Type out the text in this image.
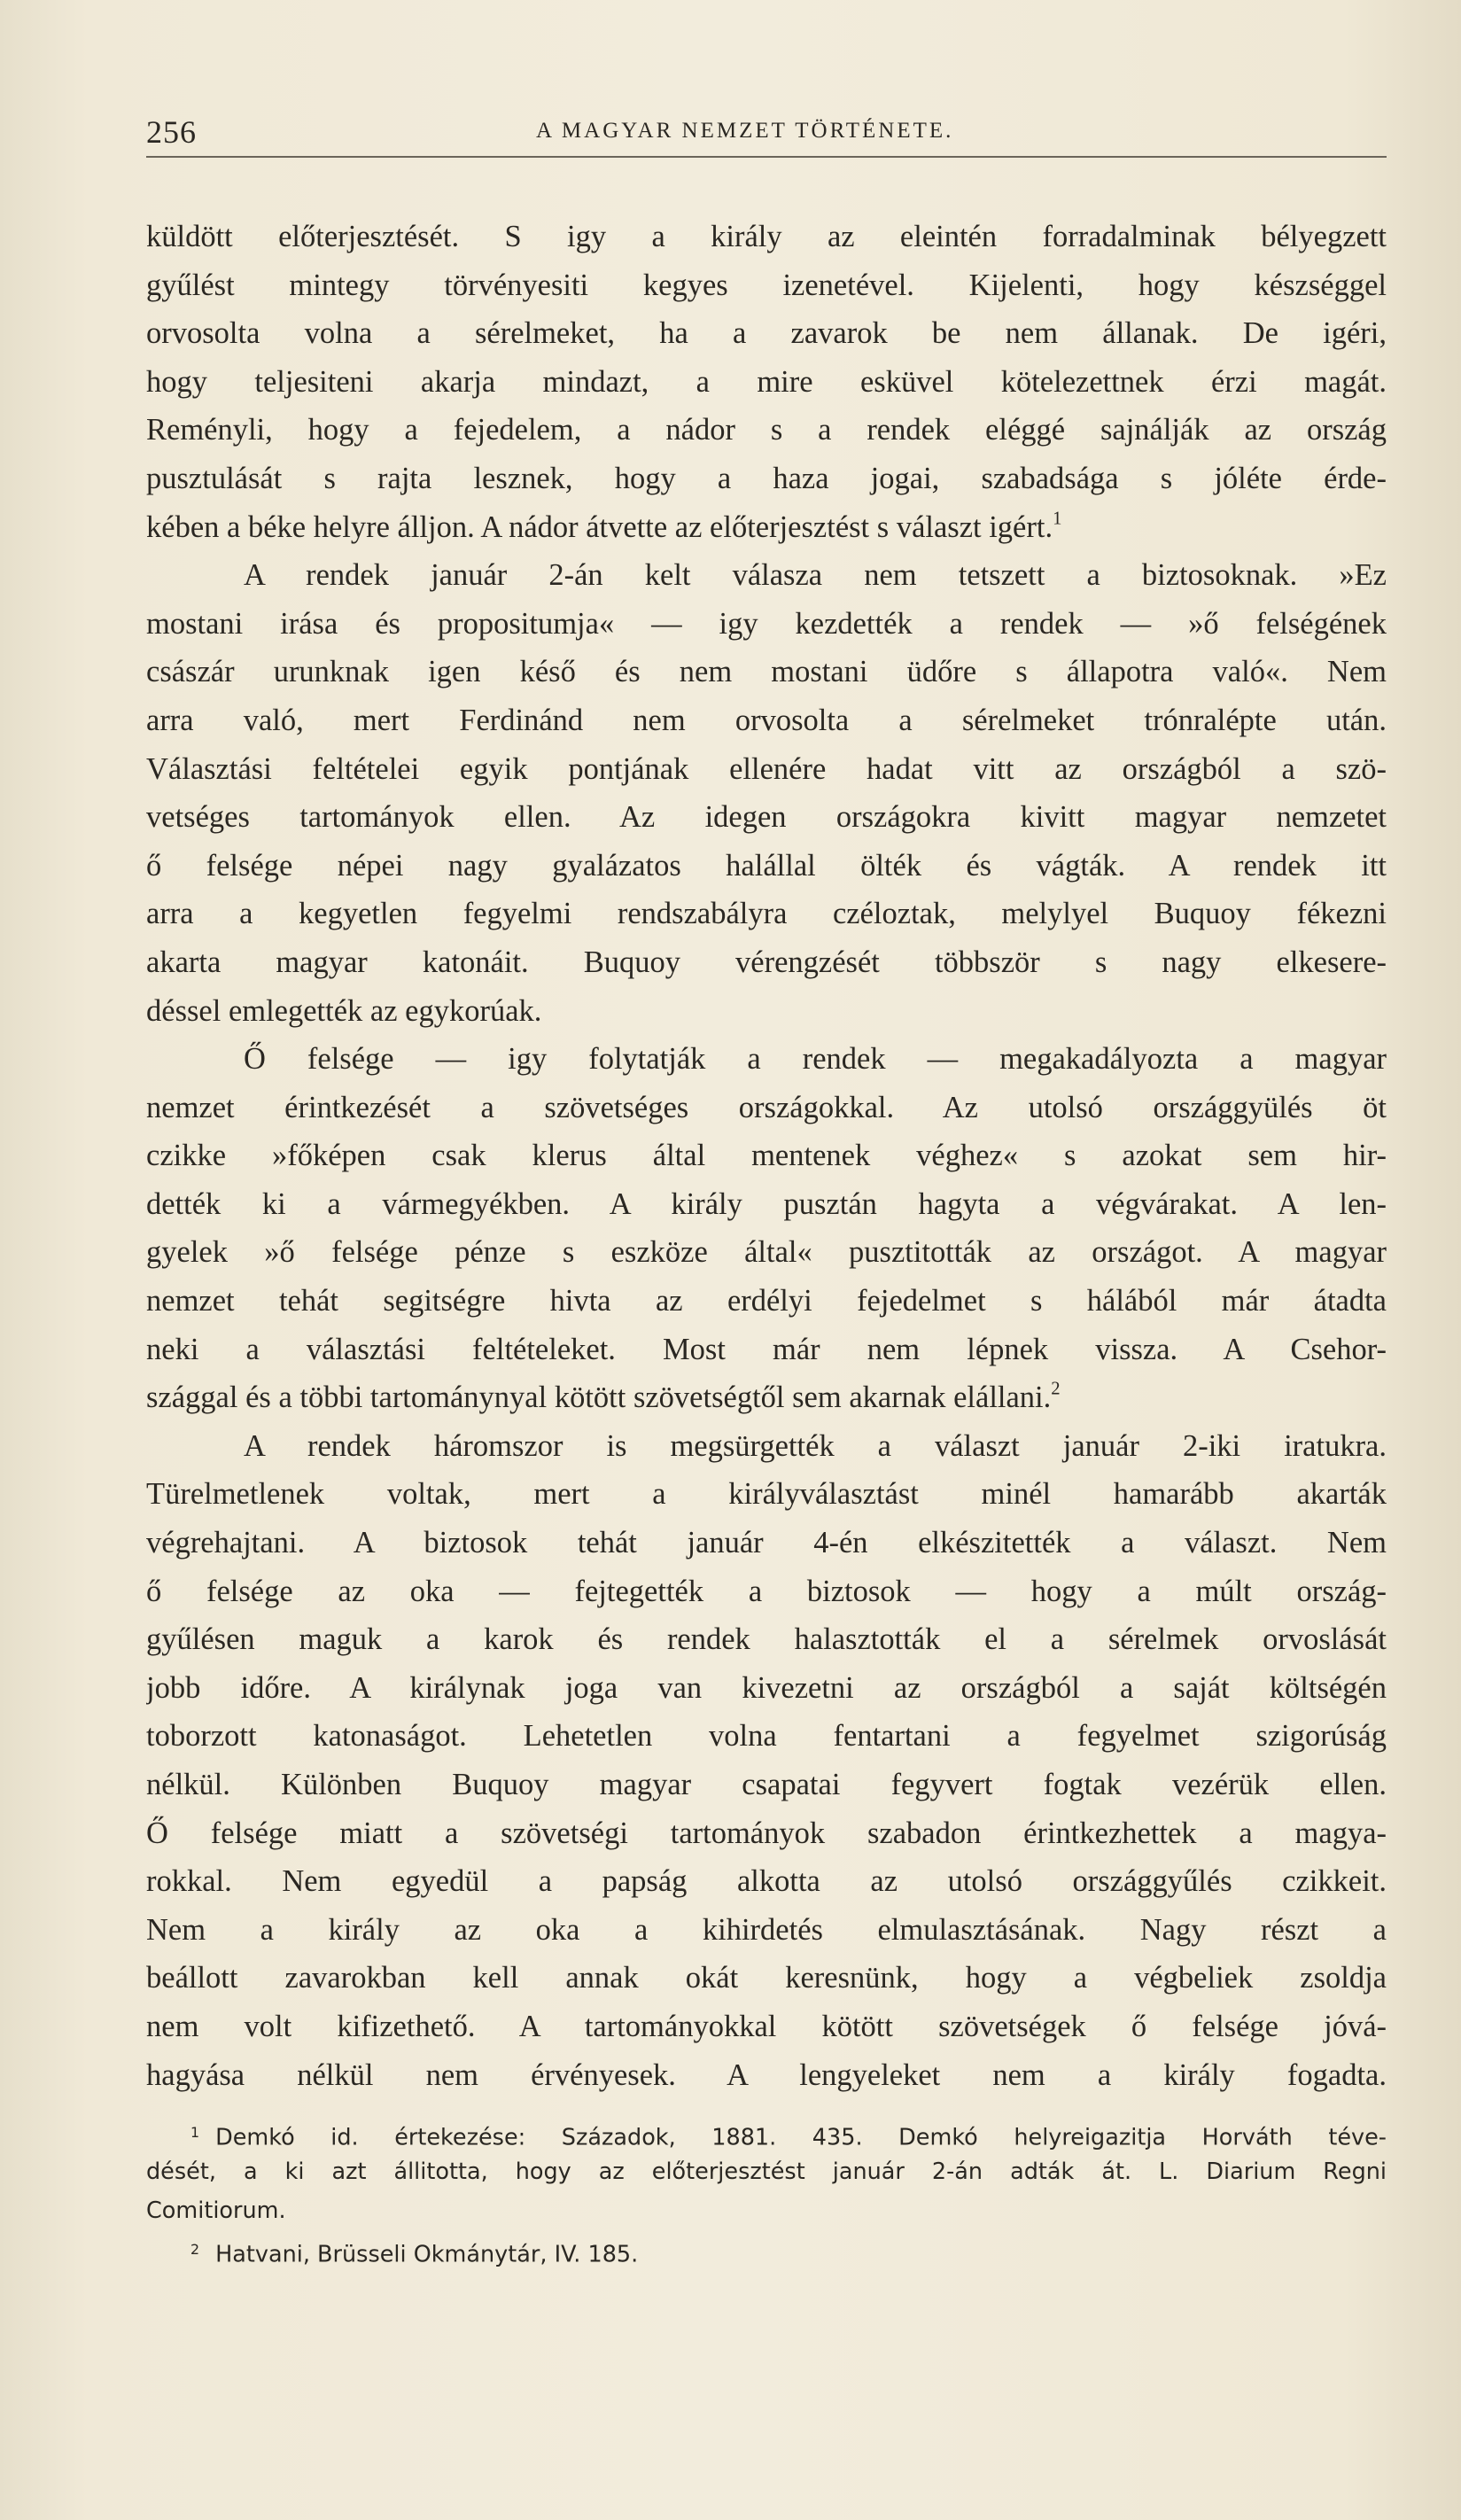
256	A MAGYAR NEMZET TÖRTÉNETE.
küldött előterjesztését. S igy a király az eleintén forradalminak bélyegzett
gyűlést mintegy törvényesiti kegyes izenetével. Kijelenti, hogy készséggel
orvosolta volna a sérelmeket, ha a zavarok be nem állanak. De igéri,
hogy teljesiteni akarja mindazt, a mire esküvel kötelezettnek érzi magát.
Reményli, hogy a fejedelem, a nádor s a rendek eléggé sajnálják az ország
pusztulását s rajta lesznek, hogy a haza jogai, szabadsága s jóléte érde-
kében a béke helyre álljon. A nádor átvette az előterjesztést s választ igért.$^1$
A rendek január 2-án kelt válasza nem tetszett a biztosoknak. »Ez
mostani irása és propositumja« — igy kezdették a rendek — »ő felségének
császár urunknak igen késő és nem mostani üdőre s állapotra való«. Nem
arra való, mert Ferdinánd nem orvosolta a sérelmeket trónralépte után.
Választási feltételei egyik pontjának ellenére hadat vitt az országból a szö-
vetséges tartományok ellen. Az idegen országokra kivitt magyar nemzetet
ő felsége népei nagy gyalázatos halállal ölték és vágták. A rendek itt
arra a kegyetlen fegyelmi rendszabályra czéloztak, melylyel Buquoy fékezni
akarta magyar katonáit. Buquoy vérengzését többször s nagy elkesere-
déssel emlegették az egykorúak.
Ő felsége — igy folytatják a rendek — megakadályozta a magyar
nemzet érintkezését a szövetséges országokkal. Az utolsó országgyülés öt
czikke »főképen csak klerus által mentenek véghez« s azokat sem hir-
dették ki a vármegyékben. A király pusztán hagyta a végvárakat. A len-
gyelek »ő felsége pénze s eszköze által« pusztitották az országot. A magyar
nemzet tehát segitségre hivta az erdélyi fejedelmet s hálából már átadta
neki a választási feltételeket. Most már nem lépnek vissza. A Csehor-
szággal és a többi tartománynyal kötött szövetségtől sem akarnak elállani.$^2$
A rendek háromszor is megsürgették a választ január 2-iki iratukra.
Türelmetlenek voltak, mert a királyválasztást minél hamarább akarták
végrehajtani. A biztosok tehát január 4-én elkészitették a választ. Nem
ő felsége az oka — fejtegették a biztosok — hogy a múlt ország-
gyűlésen maguk a karok és rendek halasztották el a sérelmek orvoslását
jobb időre. A királynak joga van kivezetni az országból a saját költségén
toborzott katonaságot. Lehetetlen volna fentartani a fegyelmet szigorúság
nélkül. Különben Buquoy magyar csapatai fegyvert fogtak vezérük ellen.
Ő felsége miatt a szövetségi tartományok szabadon érintkezhettek a magya-
rokkal. Nem egyedül a papság alkotta az utolsó országgyűlés czikkeit.
Nem a király az oka a kihirdetés elmulasztásának. Nagy részt a
beállott zavarokban kell annak okát keresnünk, hogy a végbeliek zsoldja
nem volt kifizethető. A tartományokkal kötött szövetségek ő felsége jóvá-
hagyása nélkül nem érvényesek. A lengyeleket nem a király fogadta.
$^1$ Demkó id. értekezése: Századok, 1881. 435. Demkó helyreigazitja Horváth téve-
dését, a ki azt állitotta, hogy az előterjesztést január 2-án adták át. L. Diarium Regni
Comitiorum.
$^2$ Hatvani, Brüsseli Okmánytár, IV. 185.
